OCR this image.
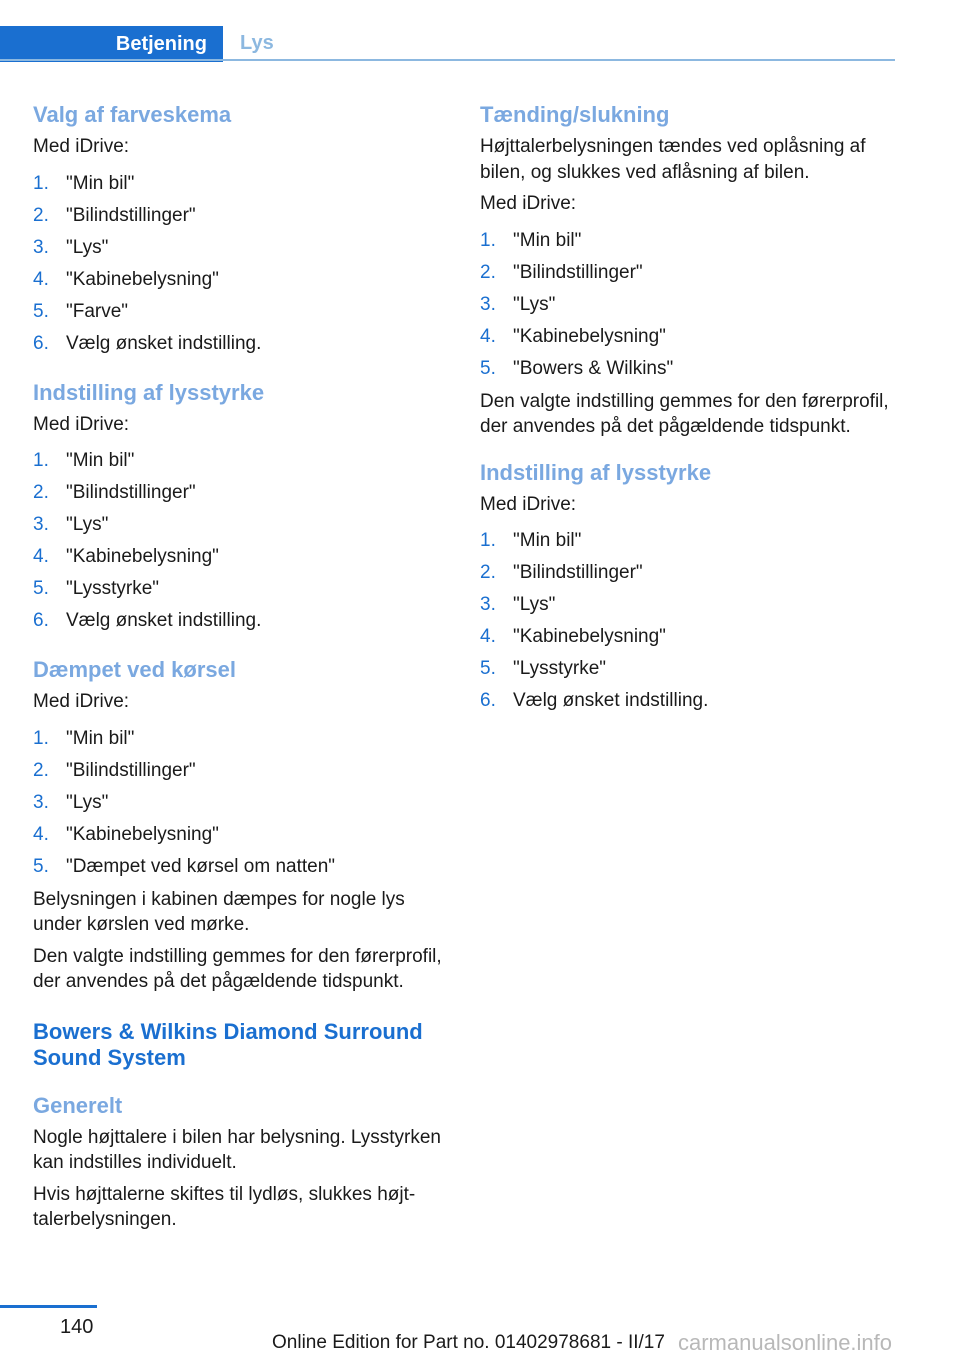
Betjening Lys
Valg af farveskema
Med iDrive:
1. "Min bil"
2. "Bilindstillinger"
3. "Lys"
4. "Kabinebelysning"
5. "Farve"
6. Vælg ønsket indstilling.
Indstilling af lysstyrke
Med iDrive:
1. "Min bil"
2. "Bilindstillinger"
3. "Lys"
4. "Kabinebelysning"
5. "Lysstyrke"
6. Vælg ønsket indstilling.
Dæmpet ved kørsel
Med iDrive:
1. "Min bil"
2. "Bilindstillinger"
3. "Lys"
4. "Kabinebelysning"
5. "Dæmpet ved kørsel om natten"
Belysningen i kabinen dæmpes for nogle lys under kørslen ved mørke.
Den valgte indstilling gemmes for den førerprofil, der anvendes på det pågældende tidspunkt.
Bowers & Wilkins Diamond Surround Sound System
Generelt
Nogle højttalere i bilen har belysning. Lysstyrken kan indstilles individuelt.
Hvis højttalerne skiftes til lydløs, slukkes højttalerbelysningen.
Tænding/slukning
Højttalerbelysningen tændes ved oplåsning af bilen, og slukkes ved aflåsning af bilen.
Med iDrive:
1. "Min bil"
2. "Bilindstillinger"
3. "Lys"
4. "Kabinebelysning"
5. "Bowers & Wilkins"
Den valgte indstilling gemmes for den førerprofil, der anvendes på det pågældende tidspunkt.
Indstilling af lysstyrke
Med iDrive:
1. "Min bil"
2. "Bilindstillinger"
3. "Lys"
4. "Kabinebelysning"
5. "Lysstyrke"
6. Vælg ønsket indstilling.
140
Online Edition for Part no. 01402978681 - II/17 carmanualsonline.info
